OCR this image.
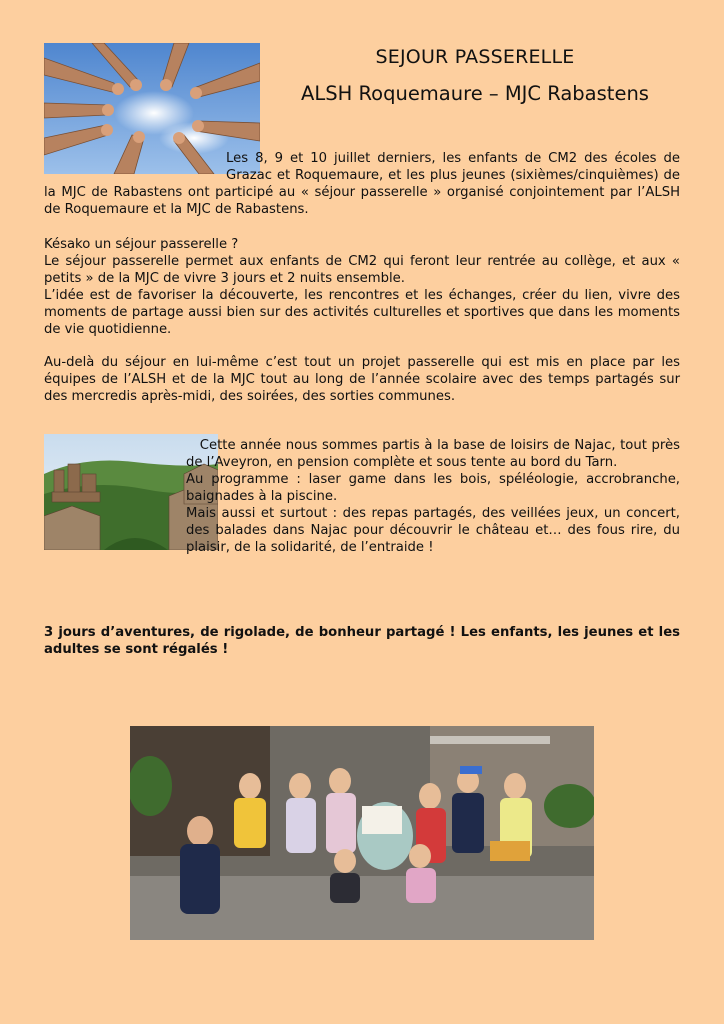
SEJOUR PASSERELLE
ALSH Roquemaure – MJC Rabastens

Les 8, 9 et 10 juillet derniers, les enfants de CM2 des écoles de Grazac et Roquemaure, et les plus jeunes (sixièmes/cinquièmes) de la MJC de Rabastens ont participé au « séjour passerelle » organisé conjointement par l’ALSH de Roquemaure et la MJC de Rabastens.

Késako un séjour passerelle ?
Le séjour passerelle permet aux enfants de CM2 qui feront leur rentrée au collège, et aux « petits » de la MJC de vivre 3 jours et 2 nuits ensemble.
L’idée est de favoriser la découverte, les rencontres et les échanges, créer du lien, vivre des moments de partage aussi bien sur des activités culturelles et sportives que dans les moments de vie quotidienne.

Au-delà du séjour en lui-même c’est tout un projet passerelle qui est mis en place par les équipes de l’ALSH et de la MJC tout au long de l’année scolaire avec des temps partagés sur des mercredis après-midi, des soirées, des sorties communes.

Cette année nous sommes partis à la base de loisirs de Najac, tout près de l’Aveyron, en pension complète et sous tente au bord du Tarn.
Au programme : laser game dans les bois, spéléologie, accrobranche, baignades à la piscine.
Mais aussi et surtout : des repas partagés, des veillées jeux, un concert, des balades dans Najac pour découvrir le château et… des fous rire, du plaisir, de la solidarité, de l’entraide !

3 jours d’aventures, de rigolade, de bonheur partagé ! Les enfants, les jeunes et les adultes se sont régalés !
